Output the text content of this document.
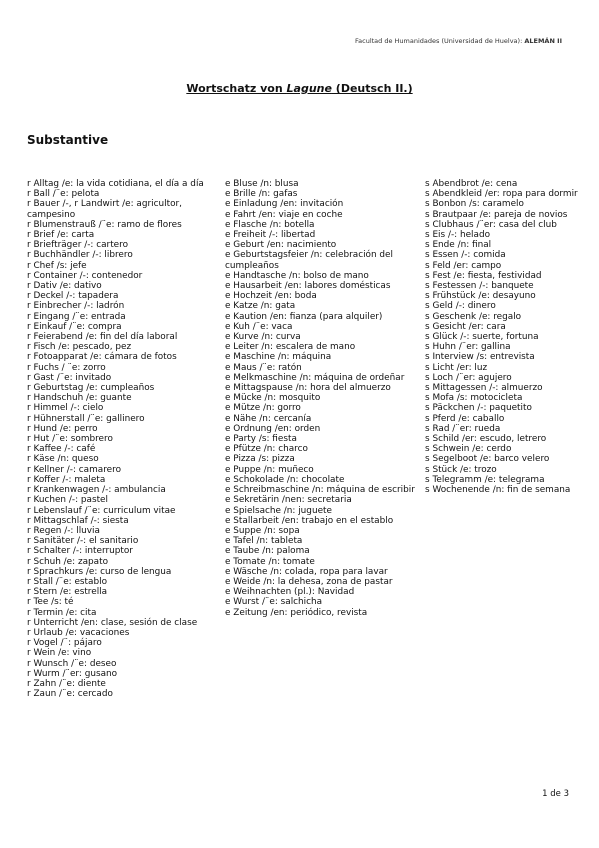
Facultad de Humanidades (Universidad de Huelva): ALEMÁN II
Wortschatz von Lagune (Deutsch II.)
Substantive
r Alltag /e: la vida cotidiana, el día a día
r Ball /¨e: pelota
r Bauer /-, r Landwirt /e: agricultor, campesino
r Blumenstrauß /¨e: ramo de flores
r Brief /e: carta
r Briefträger /-: cartero
r Buchhändler /-: librero
r Chef /s: jefe
r Container /-: contenedor
r Dativ /e: dativo
r Deckel /-: tapadera
r Einbrecher /-: ladrón
r Eingang /¨e: entrada
r Einkauf /¨e: compra
r Feierabend /e: fin del día laboral
r Fisch /e: pescado, pez
r Fotoapparat /e: cámara de fotos
r Fuchs / ¨e: zorro
r Gast /¨e: invitado
r Geburtstag /e: cumpleaños
r Handschuh /e: guante
r Himmel /-: cielo
r Hühnerstall /¨e: gallinero
r Hund /e: perro
r Hut /¨e: sombrero
r Kaffee /-: café
r Käse /n: queso
r Kellner /-: camarero
r Koffer /-: maleta
r Krankenwagen /-: ambulancia
r Kuchen /-: pastel
r Lebenslauf /¨e: curriculum vitae
r Mittagschlaf /-: siesta
r Regen /-: lluvia
r Sanitäter /-: el sanitario
r Schalter /-: interruptor
r Schuh /e: zapato
r Sprachkurs /e: curso de lengua
r Stall /¨e: establo
r Stern /e: estrella
r Tee /s: té
r Termin /e: cita
r Unterricht /en: clase, sesión de clase
r Urlaub /e: vacaciones
r Vogel /¨: pájaro
r Wein /e: vino
r Wunsch /¨e: deseo
r Wurm /¨er: gusano
r Zahn /¨e: diente
r Zaun /¨e: cercado
e Bluse /n: blusa
e Brille /n: gafas
e Einladung /en: invitación
e Fahrt /en: viaje en coche
e Flasche /n: botella
e Freiheit /-: libertad
e Geburt /en: nacimiento
e Geburtstagsfeier /n: celebración del cumpleaños
e Handtasche /n: bolso de mano
e Hausarbeit /en: labores domésticas
e Hochzeit /en: boda
e Katze /n: gata
e Kaution /en: fianza (para alquiler)
e Kuh /¨e: vaca
e Kurve /n: curva
e Leiter /n: escalera de mano
e Maschine /n: máquina
e Maus /¨e: ratón
e Melkmaschine /n: máquina de ordeñar
e Mittagspause /n: hora del almuerzo
e Mücke /n: mosquito
e Mütze /n: gorro
e Nähe /n: cercanía
e Ordnung /en: orden
e Party /s: fiesta
e Pfütze /n: charco
e Pizza /s: pizza
e Puppe /n: muñeco
e Schokolade /n: chocolate
e Schreibmaschine /n: máquina de escribir
e Sekretärin /nen: secretaria
e Spielsache /n: juguete
e Stallarbeit /en: trabajo en el establo
e Suppe /n: sopa
e Tafel /n: tableta
e Taube /n: paloma
e Tomate /n: tomate
e Wäsche /n: colada, ropa para lavar
e Weide /n: la dehesa, zona de pastar
e Weihnachten (pl.): Navidad
e Wurst /¨e: salchicha
e Zeitung /en: periódico, revista
s Abendbrot /e: cena
s Abendkleid /er: ropa para dormir
s Bonbon /s: caramelo
s Brautpaar /e: pareja de novios
s Clubhaus /¨er: casa del club
s Eis /-: helado
s Ende /n: final
s Essen /-: comida
s Feld /er: campo
s Fest /e: fiesta, festividad
s Festessen /-: banquete
s Frühstück /e: desayuno
s Geld /-: dinero
s Geschenk /e: regalo
s Gesicht /er: cara
s Glück /-: suerte, fortuna
s Huhn /¨er: gallina
s Interview /s: entrevista
s Licht /er: luz
s Loch /¨er: agujero
s Mittagessen /-: almuerzo
s Mofa /s: motocicleta
s Päckchen /-: paquetito
s Pferd /e: caballo
s Rad /¨er: rueda
s Schild /er: escudo, letrero
s Schwein /e: cerdo
s Segelboot /e: barco velero
s Stück /e: trozo
s Telegramm /e: telegrama
s Wochenende /n: fin de semana
1 de 3
